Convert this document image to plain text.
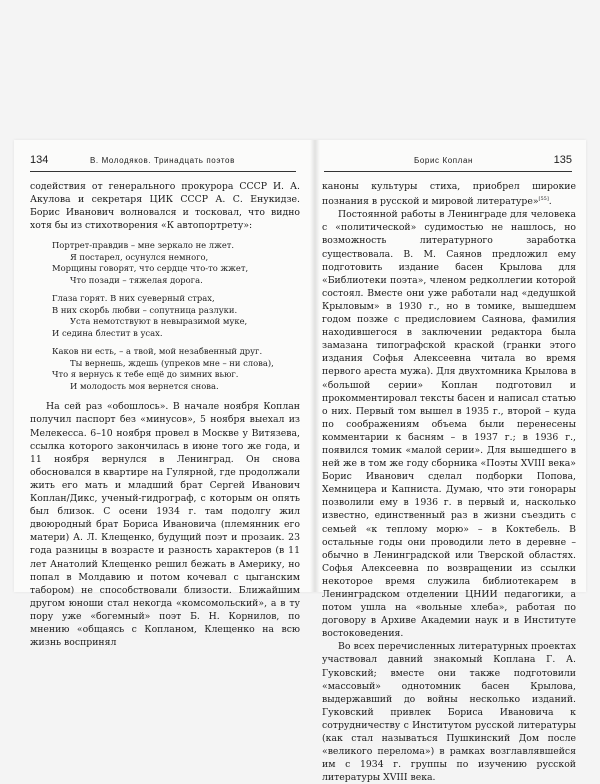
134	В. Молодяков. Тринадцать поэтов

содействия от генерального прокурора СССР И. А. Акулова и секретаря ЦИК СССР А. С. Енукидзе. Борис Иванович волновался и тосковал, что видно хотя бы из стихотворения «К автопортрету»:

Портрет-правдив – мне зеркало не лжет.
Я постарел, осунулся немного,
Морщины говорят, что сердце что-то жжет,
Что позади – тяжелая дорога.
Глаза горят. В них суеверный страх,
В них скорбь любви – сопутница разлуки.
Уста немотствуют в невыразимой муке,
И седина блестит в усах.
Каков ни есть, – а твой, мой незабвенный друг.
Ты вернешь, ждешь (упреков мне – ни слова),
Что я вернусь к тебе ещё до зимних вьюг.
И молодость моя вернется снова.

На сей раз «обошлось». В начале ноября Коплан получил паспорт без «минусов», 5 ноября выехал из Мелекесса. 6–10 ноября провел в Москве у Витязева, ссылка которого закончилась в июне того же года, и 11 ноября вернулся в Ленинград. Он снова обосновался в квартире на Гулярной, где продолжали жить его мать и младший брат Сергей Иванович Коплан/Дикс, ученый-гидрограф, с которым он опять был близок. С осени 1934 г. там подолгу жил двоюродный брат Бориса Ивановича (племянник его матери) А. Л. Клещенко, будущий поэт и прозаик. 23 года разницы в возрасте и разность характеров (в 11 лет Анатолий Клещенко решил бежать в Америку, но попал в Молдавию и потом кочевал с цыганским табором) не способствовали близости. Ближайшим другом юноши стал некогда «комсомольский», а в ту пору уже «богемный» поэт Б. Н. Корнилов, по мнению «общаясь с Копланом, Клещенко на всю жизнь воспринял

Борис Коплан	135

каноны культуры стиха, приобрел широкие познания в русской и мировой литературе»[55].

Постоянной работы в Ленинграде для человека с «политической» судимостью не нашлось, но возможность литературного заработка существовала. В. М. Саянов предложил ему подготовить издание басен Крылова для «Библиотеки поэта», членом редколлегии которой состоял. Вместе они уже работали над «дедушкой Крыловым» в 1930 г., но в томике, вышедшем годом позже с предисловием Саянова, фамилия находившегося в заключении редактора была замазана типографской краской (гранки этого издания Софья Алексеевна читала во время первого ареста мужа). Для двухтомника Крылова в «большой серии» Коплан подготовил и прокомментировал тексты басен и написал статью о них. Первый том вышел в 1935 г., второй – куда по соображениям объема были перенесены комментарии к басням – в 1937 г.; в 1936 г., появился томик «малой серии». Для вышедшего в ней же в том же году сборника «Поэты XVIII века» Борис Иванович сделал подборки Попова, Хемницера и Капниста. Думаю, что эти гонорары позволили ему в 1936 г. в первый и, насколько известно, единственный раз в жизни съездить с семьей «к теплому морю» – в Коктебель. В остальные годы они проводили лето в деревне – обычно в Ленинградской или Тверской областях. Софья Алексеевна по возвращении из ссылки некоторое время служила библиотекарем в Ленинградском отделении ЦНИИ педагогики, а потом ушла на «вольные хлеба», работая по договору в Архиве Академии наук и в Институте востоковедения.

Во всех перечисленных литературных проектах участвовал давний знакомый Коплана Г. А. Гуковский; вместе они также подготовили «массовый» однотомник басен Крылова, выдержавший до войны несколько изданий. Гуковский привлек Бориса Ивановича к сотрудничеству с Институтом русской литературы (как стал называться Пушкинский Дом после «великого перелома») в рамках возглавлявшейся им с 1934 г. группы по изучению русской литературы XVIII века.
